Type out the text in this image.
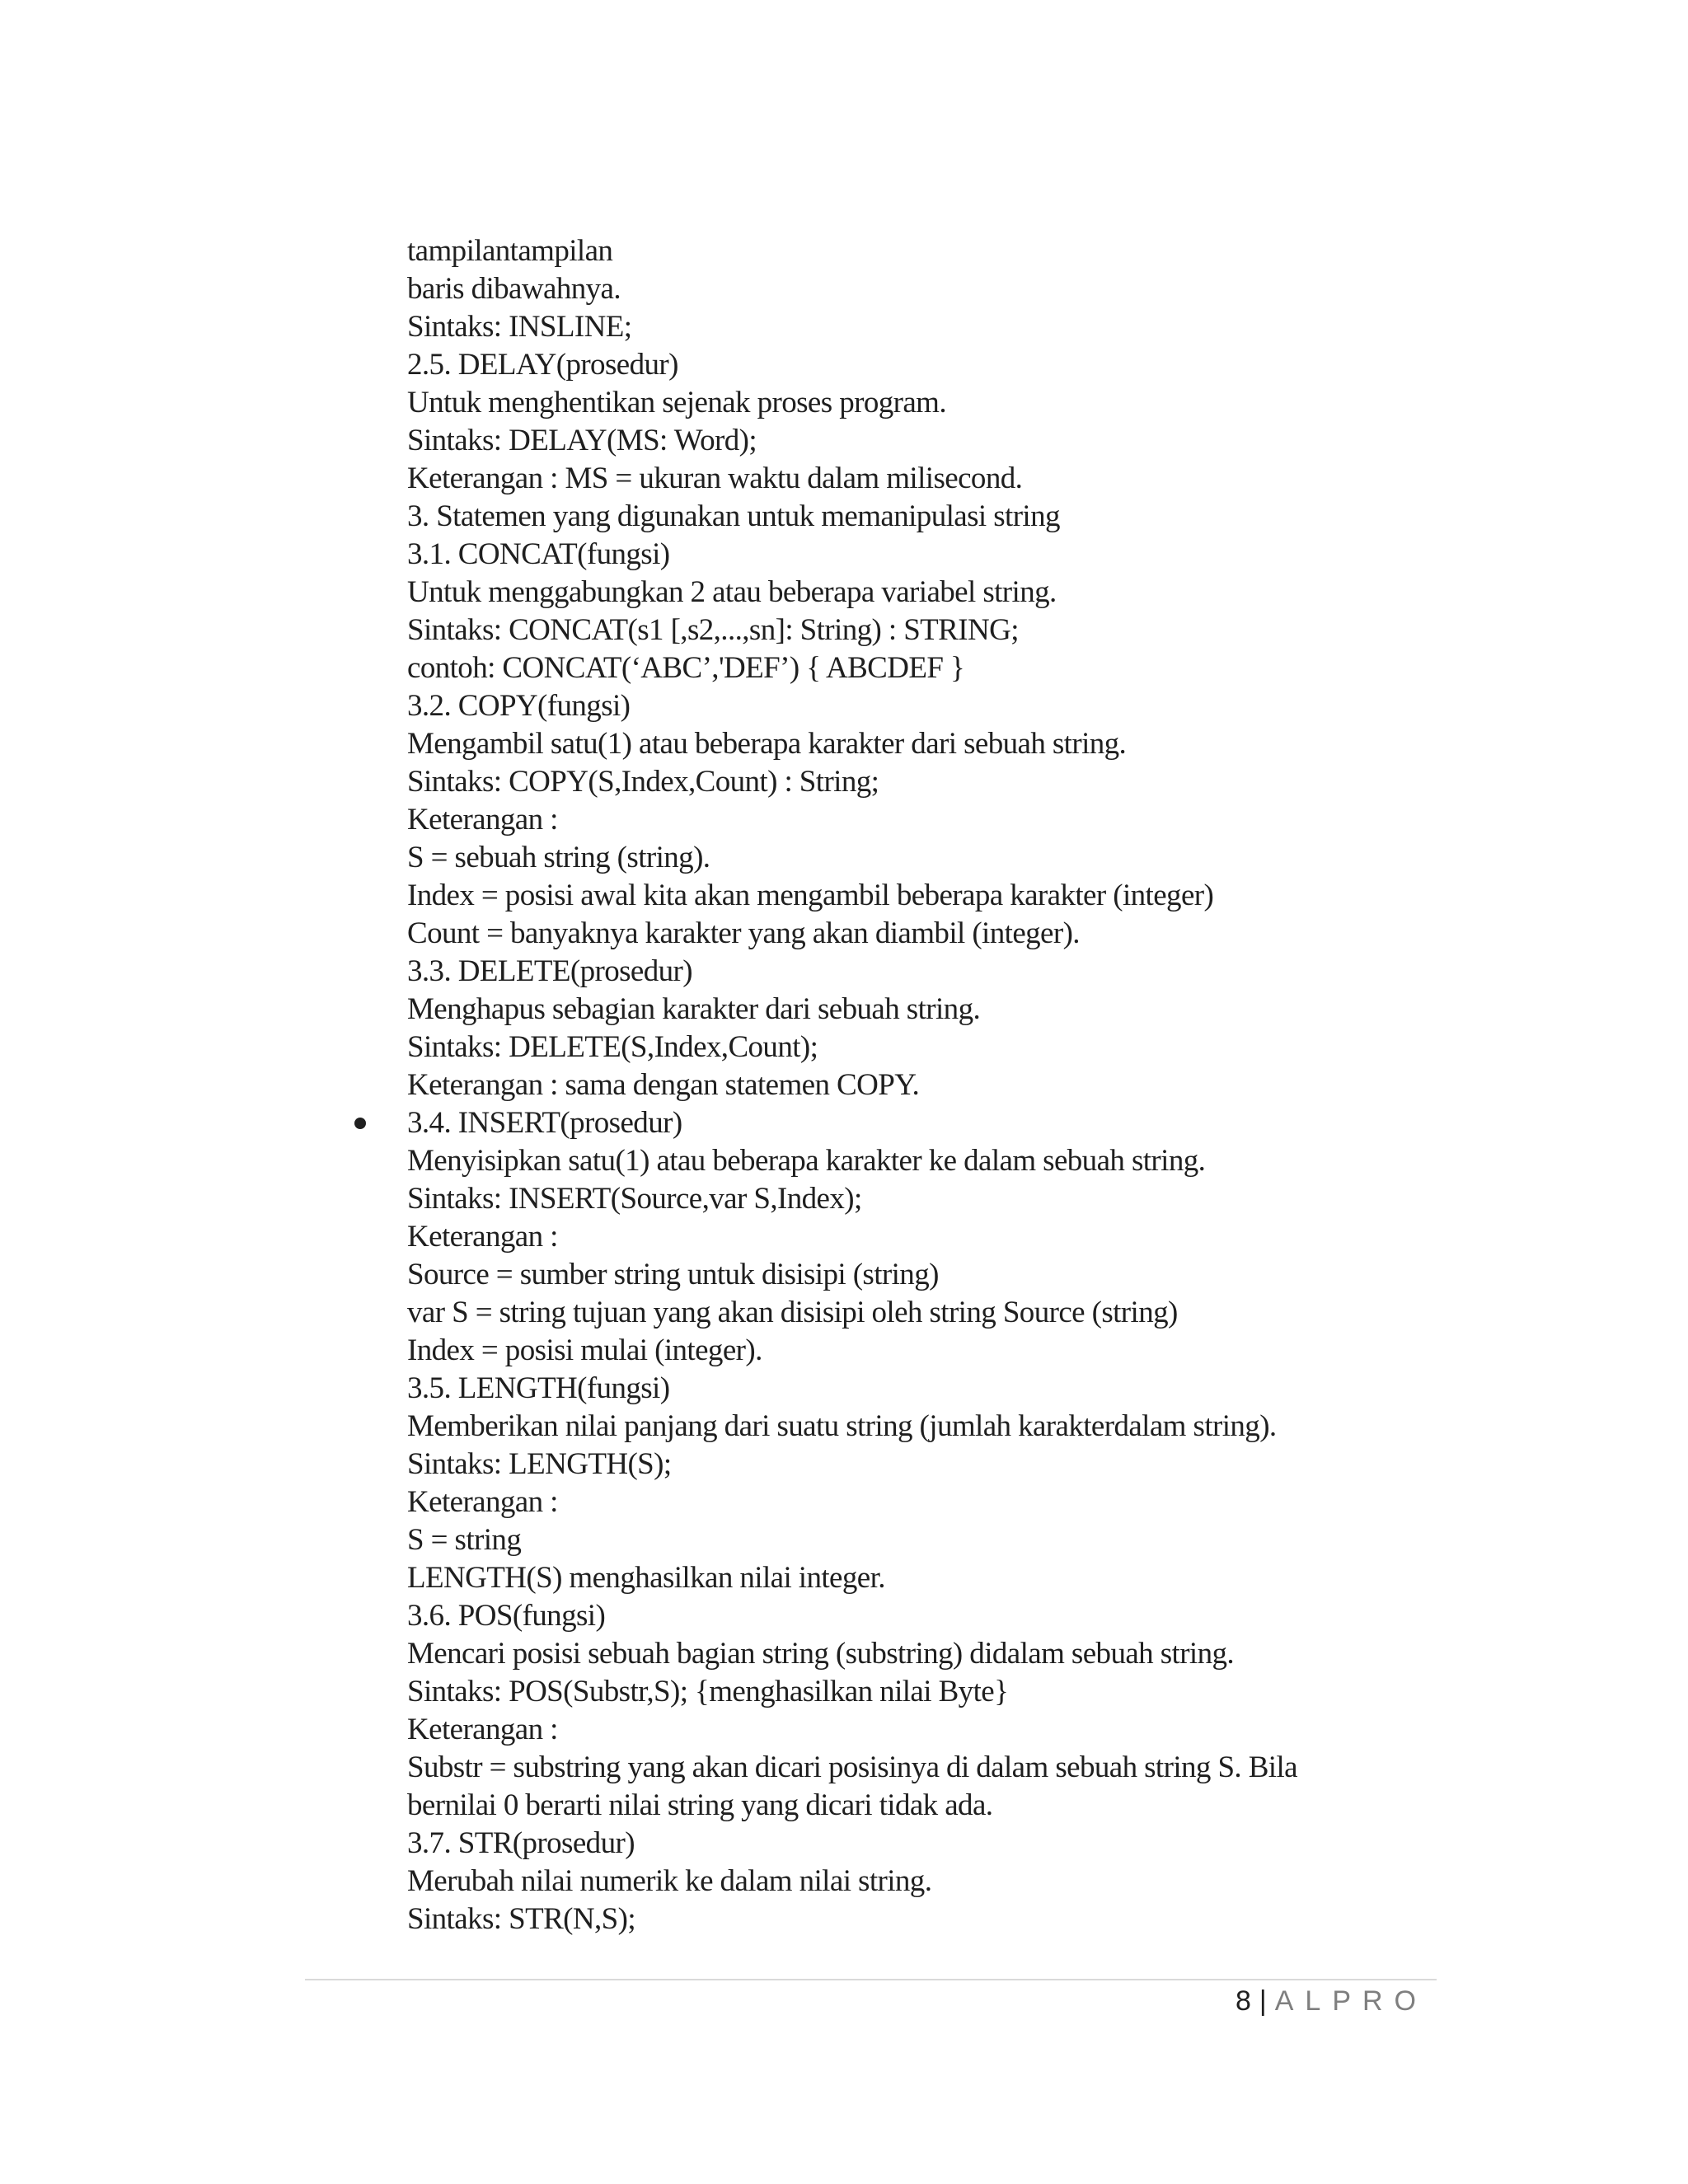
tampilantampilan
baris dibawahnya.
Sintaks: INSLINE;
2.5. DELAY(prosedur)
Untuk menghentikan sejenak proses program.
Sintaks: DELAY(MS: Word);
Keterangan : MS = ukuran waktu dalam milisecond.
3. Statemen yang digunakan untuk memanipulasi string
3.1. CONCAT(fungsi)
Untuk menggabungkan 2 atau beberapa variabel string.
Sintaks: CONCAT(s1 [,s2,...,sn]: String) : STRING;
contoh: CONCAT(‘ABC’,'DEF’) { ABCDEF }
3.2. COPY(fungsi)
Mengambil satu(1) atau beberapa karakter dari sebuah string.
Sintaks: COPY(S,Index,Count) : String;
Keterangan :
S = sebuah string (string).
Index = posisi awal kita akan mengambil beberapa karakter (integer)
Count = banyaknya karakter yang akan diambil (integer).
3.3. DELETE(prosedur)
Menghapus sebagian karakter dari sebuah string.
Sintaks: DELETE(S,Index,Count);
Keterangan : sama dengan statemen COPY.
3.4. INSERT(prosedur)
Menyisipkan satu(1) atau beberapa karakter ke dalam sebuah string.
Sintaks: INSERT(Source,var S,Index);
Keterangan :
Source = sumber string untuk disisipi (string)
var S = string tujuan yang akan disisipi oleh string Source (string)
Index = posisi mulai (integer).
3.5. LENGTH(fungsi)
Memberikan nilai panjang dari suatu string (jumlah karakterdalam string).
Sintaks: LENGTH(S);
Keterangan :
S = string
LENGTH(S) menghasilkan nilai integer.
3.6. POS(fungsi)
Mencari posisi sebuah bagian string (substring) didalam sebuah string.
Sintaks: POS(Substr,S); {menghasilkan nilai Byte}
Keterangan :
Substr = substring yang akan dicari posisinya di dalam sebuah string S. Bila
bernilai 0 berarti nilai string yang dicari tidak ada.
3.7. STR(prosedur)
Merubah nilai numerik ke dalam nilai string.
Sintaks: STR(N,S);
8 | ALPRO
